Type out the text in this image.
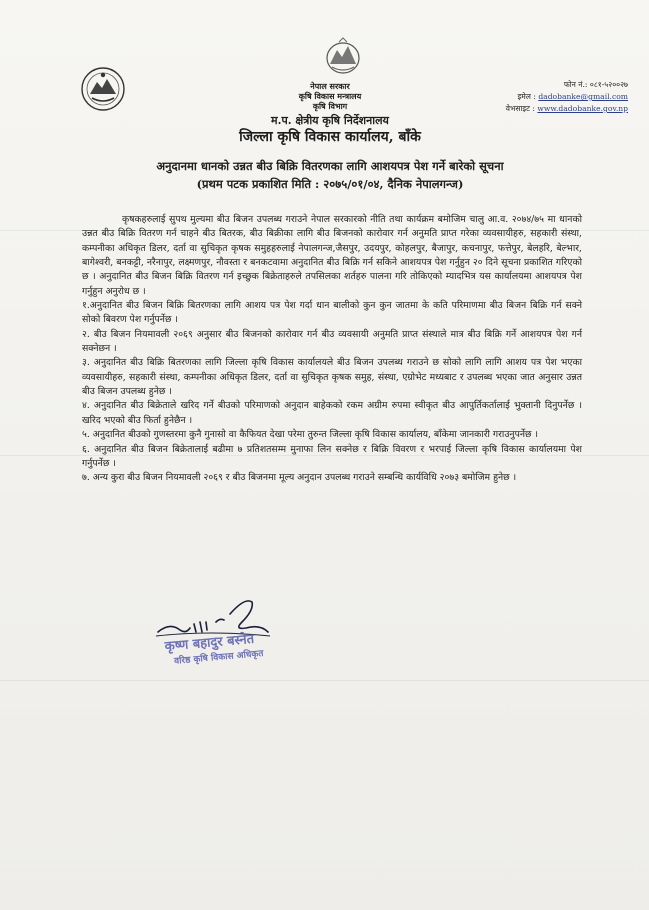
नेपाल सरकार
कृषि विकास मन्त्रालय
कृषि विभाग
म.प. क्षेत्रीय कृषि निर्देशनालय
जिल्ला कृषि विकास कार्यालय, बाँके
फोन नं.: ०८१-५२००२७
इमेल : dadobanke@gmail.com
वेभसाइट : www.dadobanke.gov.np
अनुदानमा धानको उन्नत बीउ बिक्रि वितरणका लागि आशयपत्र पेश गर्ने बारेको सूचना
(प्रथम पटक प्रकाशित मिति : २०७५/०१/०४, दैनिक नेपालगन्ज)

कृषकहरुलाई सुपथ मुल्यमा बीउ बिजन उपलब्ध गराउने नेपाल सरकारको नीति तथा कार्यक्रम बमोजिम चालु आ.व. २०७४/७५ मा धानको उन्नत बीउ बिक्रि वितरण गर्न चाहने बीउ बितरक, बीउ बिक्रीका लागि बीउ बिजनको कारोवार गर्न अनुमति प्राप्त गरेका व्यवसायीहरु, सहकारी संस्था, कम्पनीका अधिकृत डिलर, दर्ता वा सुचिकृत कृषक समुहहरुलाई नेपालगन्ज,जैसपुर, उदयपुर, कोहलपुर, बैजापुर, कचनापुर, फत्तेपुर, बेलहरि, बेल्भार, बागेश्वरी, बनकट्टी, नरैनापुर, लक्ष्मणपुर, नौवस्ता र बनकटवामा अनुदानित बीउ बिक्रि गर्न सकिने आशयपत्र पेश गर्नुहुन २० दिने सूचना प्रकाशित गरिएको छ । अनुदानित बीउ बिजन बिक्रि वितरण गर्न इच्छुक बिक्रेताहरुले तपसिलका शर्तहरु पालना गरि तोकिएको म्यादभित्र यस कार्यालयमा आशयपत्र पेश गर्नुहुन अनुरोध छ ।

१.अनुदानित बीउ बिजन बिक्रि बितरणका लागि आशय पत्र पेश गर्दा धान बालीको कुन कुन जातमा के कति परिमाणमा बीउ बिजन बिक्रि गर्न सक्ने सोको बिवरण पेश गर्नुपर्नेछ ।

२. बीउ बिजन नियमावली २०६९ अनुसार बीउ बिजनको कारोवार गर्न बीउ व्यवसायी अनुमति प्राप्त संस्थाले मात्र बीउ बिक्रि गर्ने आशयपत्र पेश गर्न सक्नेछन ।

३. अनुदानित बीउ बिक्रि बितरणका लागि जिल्ला कृषि विकास कार्यालयले बीउ बिजन उपलब्ध गराउने छ सोको लागि लागि आशय पत्र पेश भएका व्यवसायीहरु, सहकारी संस्था, कम्पनीका अधिकृत डिलर, दर्ता वा सुचिकृत कृषक समुह, संस्था, एग्रोभेट मध्यबाट र उपलब्ध भएका जात अनुसार उन्नत बीउ बिजन उपलब्ध हुनेछ ।

४. अनुदानित बीउ बिक्रेताले खरिद गर्ने बीउको परिमाणको अनुदान बाहेकको रकम अग्रीम रुपमा स्वीकृत बीउ आपुर्तिकर्तालाई भुक्तानी दिनुपर्नेछ । खरिद भएको बीउ फिर्ता हुनेछैन ।

५. अनुदानित बीउको गुणस्तरमा कुनै गुनासो वा कैफियत देखा परेमा तुरुन्त जिल्ला कृषि विकास कार्यालय, बाँकेमा जानकारी गराउनुपर्नेछ ।

६. अनुदानित बीउ बिजन बिक्रेतालाई बढीमा ७ प्रतिशतसम्म मुनाफा लिन सक्नेछ र बिक्रि विवरण र भरपाई जिल्ला कृषि विकास कार्यालयमा पेश गर्नुपर्नेछ ।

७. अन्य कुरा बीउ बिजन नियमावली २०६९ र बीउ बिजनमा मूल्य अनुदान उपलब्ध गराउने सम्बन्धि कार्यविधि २०७३ बमोजिम हुनेछ ।

कृष्ण बहादुर बस्नेत
वरिष्ठ कृषि विकास अधिकृत
